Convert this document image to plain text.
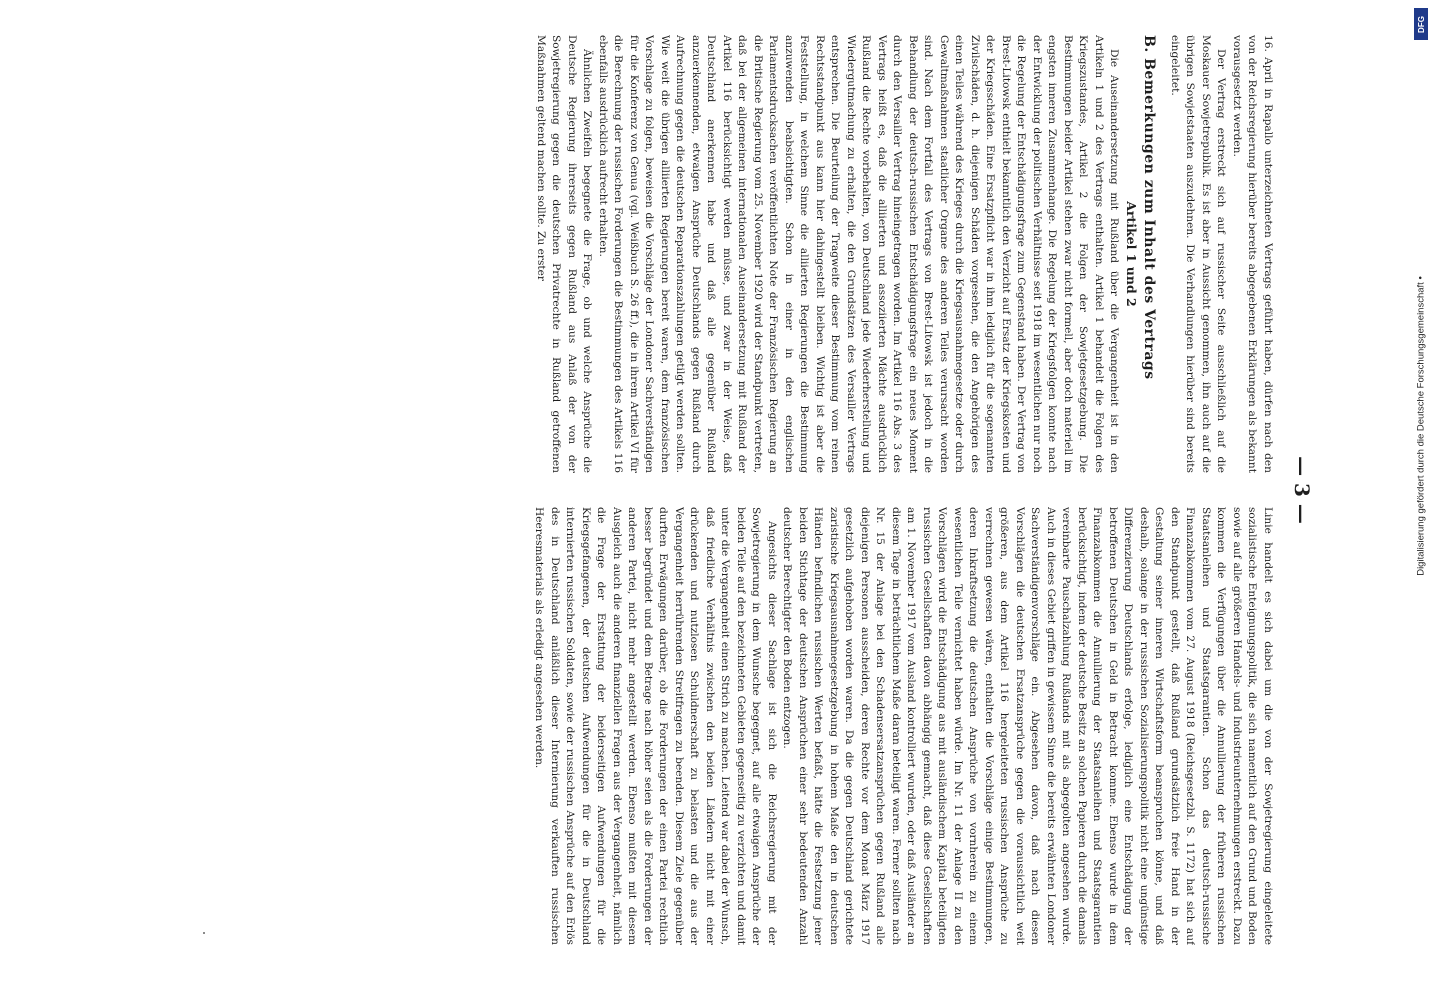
— 3 —

16. April in Rapallo unterzeichneten Vertrags geführt haben, dürfen nach den von der Reichsregierung hierüber bereits abgegebenen Erklärungen als bekannt vorausgesetzt werden.

Der Vertrag erstreckt sich auf russischer Seite ausschließlich auf die Moskauer Sowjetrepublik. Es ist aber in Aussicht genommen, ihn auch auf die übrigen Sowjetstaaten auszudehnen. Die Verhandlungen hierüber sind bereits eingeleitet.

B. Bemerkungen zum Inhalt des Vertrags
Artikel 1 und 2

Die Auseinandersetzung mit Rußland über die Vergangenheit ist in den Artikeln 1 und 2 des Vertrags enthalten. Artikel 1 behandelt die Folgen des Kriegszustandes, Artikel 2 die Folgen der Sowjetgesetzgebung. Die Bestimmungen beider Artikel stehen zwar nicht formell, aber doch materiell im engsten inneren Zusammenhange. Die Regelung der Kriegsfolgen konnte nach der Entwicklung der politischen Verhältnisse seit 1918 im wesentlichen nur noch die Regelung der Entschädigungsfrage zum Gegenstand haben. Der Vertrag von Brest-Litowsk enthielt bekanntlich den Verzicht auf Ersatz der Kriegskosten und der Kriegsschäden. Eine Ersatzpflicht war in ihm lediglich für die sogenannten Zivilschäden, d. h. diejenigen Schäden vorgesehen, die den Angehörigen des einen Teiles während des Krieges durch die Kriegsausnahmegesetze oder durch Gewaltmaßnahmen staatlicher Organe des anderen Teiles verursacht worden sind. Nach dem Fortfall des Vertrags von Brest-Litowsk ist jedoch in die Behandlung der deutsch-russischen Entschädigungsfrage ein neues Moment durch den Versailler Vertrag hineingetragen worden. Im Artikel 116 Abs. 3 des Vertrags heißt es, daß die alliierten und assoziierten Mächte ausdrücklich Rußland die Rechte vorbehalten, von Deutschland jede Wiederherstellung und Wiedergutmachung zu erhalten, die den Grundsätzen des Versailler Vertrags entsprechen. Die Beurteilung der Tragweite dieser Bestimmung vom reinen Rechtsstandpunkt aus kann hier dahingestellt bleiben. Wichtig ist aber die Feststellung, in welchem Sinne die alliierten Regierungen die Bestimmung anzuwenden beabsichtigten. Schon in einer in den englischen Parlamentsdrucksachen veröffentlichten Note der Französischen Regierung an die Britische Regierung vom 25. November 1920 wird der Standpunkt vertreten, daß bei der allgemeinen internationalen Auseinandersetzung mit Rußland der Artikel 116 berücksichtigt werden müsse, und zwar in der Weise, daß Deutschland anerkennen habe und daß alle gegenüber Rußland anzuerkennenden, etwaigen Ansprüche Deutschlands gegen Rußland durch Aufrechnung gegen die deutschen Reparationszahlungen getilgt werden sollten. Wie weit die übrigen alliierten Regierungen bereit waren, dem französischen Vorschlage zu folgen, beweisen die Vorschläge der Londoner Sachverständigen für die Konferenz von Genua (vgl. Weißbuch S. 26 ff.), die in ihrem Artikel VI für die Berechnung der russischen Forderungen die Bestimmungen des Artikels 116 ebenfalls ausdrücklich aufrecht erhalten.

Ähnlichen Zweifeln begegnete die Frage, ob und welche Ansprüche die Deutsche Regierung ihrerseits gegen Rußland aus Anlaß der von der Sowjetregierung gegen die deutschen Privatrechte in Rußland getroffenen Maßnahmen geltend machen sollte. Zu erster

Linie handelt es sich dabei um die von der Sowjetregierung eingeleitete sozialistische Enteignungspolitik, die sich namentlich auf den Grund und Boden sowie auf alle größeren Handels- und Industrieunternehmungen erstreckt. Dazu kommen die Verfügungen über die Annullierung der früheren russischen Staatsanleihen und Staatsgarantien. Schon das deutsch-russische Finanzabkommen vom 27. August 1918 (Reichsgesetzbl. S. 1172) hat sich auf den Standpunkt gestellt, daß Rußland grundsätzlich freie Hand in der Gestaltung seiner inneren Wirtschaftsform beanspruchen könne, und daß deshalb, solange in der russischen Sozialisierungspolitik nicht eine ungünstige Differenzierung Deutschlands erfolge, lediglich eine Entschädigung der betroffenen Deutschen in Geld in Betracht komme. Ebenso wurde in dem Finanzabkommen die Annullierung der Staatsanleihen und Staatsgarantien berücksichtigt, indem der deutsche Besitz an solchen Papieren durch die damals vereinbarte Pauschalzahlung Rußlands mit als abgegolten angesehen wurde. Auch in dieses Gebiet griffen in gewissem Sinne die bereits erwähnten Londoner Sachverständigenvorschläge ein. Abgesehen davon, daß nach diesen Vorschlägen die deutschen Ersatzansprüche gegen die voraussichtlich weit größeren, aus dem Artikel 116 hergeleiteten russischen Ansprüche zu verrechnen gewesen wären, enthalten die Vorschläge einige Bestimmungen, deren Inkraftsetzung die deutschen Ansprüche von vornherein zu einem wesentlichen Teile vernichtet haben würde. Im Nr. 11 der Anlage II zu den Vorschlägen wird die Entschädigung aus mit ausländischem Kapital beteiligten russischen Gesellschaften davon abhängig gemacht, daß diese Gesellschaften am 1. November 1917 vom Ausland kontrolliert wurden, oder daß Ausländer an diesem Tage in beträchtlichem Maße daran beteiligt waren. Ferner sollten nach Nr. 15 der Anlage bei den Schadensersatzansprüchen gegen Rußland alle diejenigen Personen ausscheiden, deren Rechte vor dem Monat März 1917 gesetzlich aufgehoben worden waren. Da die gegen Deutschland gerichtete zaristische Kriegsausnahmegesetzgebung in hohem Maße den in deutschen Händen befindlichen russischen Werten befaßt, hätte die Festsetzung jener beiden Stichtage der deutschen Ansprüchen einer sehr bedeutenden Anzahl deutscher Berechtigter den Boden entzogen.

Angesichts dieser Sachlage ist sich die Reichsregierung mit der Sowjetregierung in dem Wunsche begegnet, auf alle etwaigen Ansprüche der beiden Teile auf den bezeichneten Gebieten gegenseitig zu verzichten und damit unter die Vergangenheit einen Strich zu machen. Leitend war dabei der Wunsch, daß friedliche Verhältnis zwischen den beiden Ländern nicht mit einer drückenden und nutzlosen Schuldnerschaft zu belasten und die aus der Vergangenheit herrührenden Streitfragen zu beenden. Diesem Ziele gegenüber durften Erwägungen darüber, ob die Forderungen der einen Partei rechtlich besser begründet und dem Betrage nach höher seien als die Forderungen der anderen Partei, nicht mehr angestellt werden. Ebenso mußten mit diesem Ausgleich auch die anderen finanziellen Fragen aus der Vergangenheit, nämlich die Frage der Erstattung der beiderseitigen Aufwendungen für die Kriegsgefangenen, der deutschen Aufwendungen für die in Deutschland internierten russischen Soldaten, sowie der russischen Ansprüche auf den Erlös des in Deutschland anläßlich dieser Internierung verkauften russischen Heeresmaterials als erledigt angesehen werden.

DFG
Digitalisierung gefördert durch die Deutsche Forschungsgemeinschaft •
